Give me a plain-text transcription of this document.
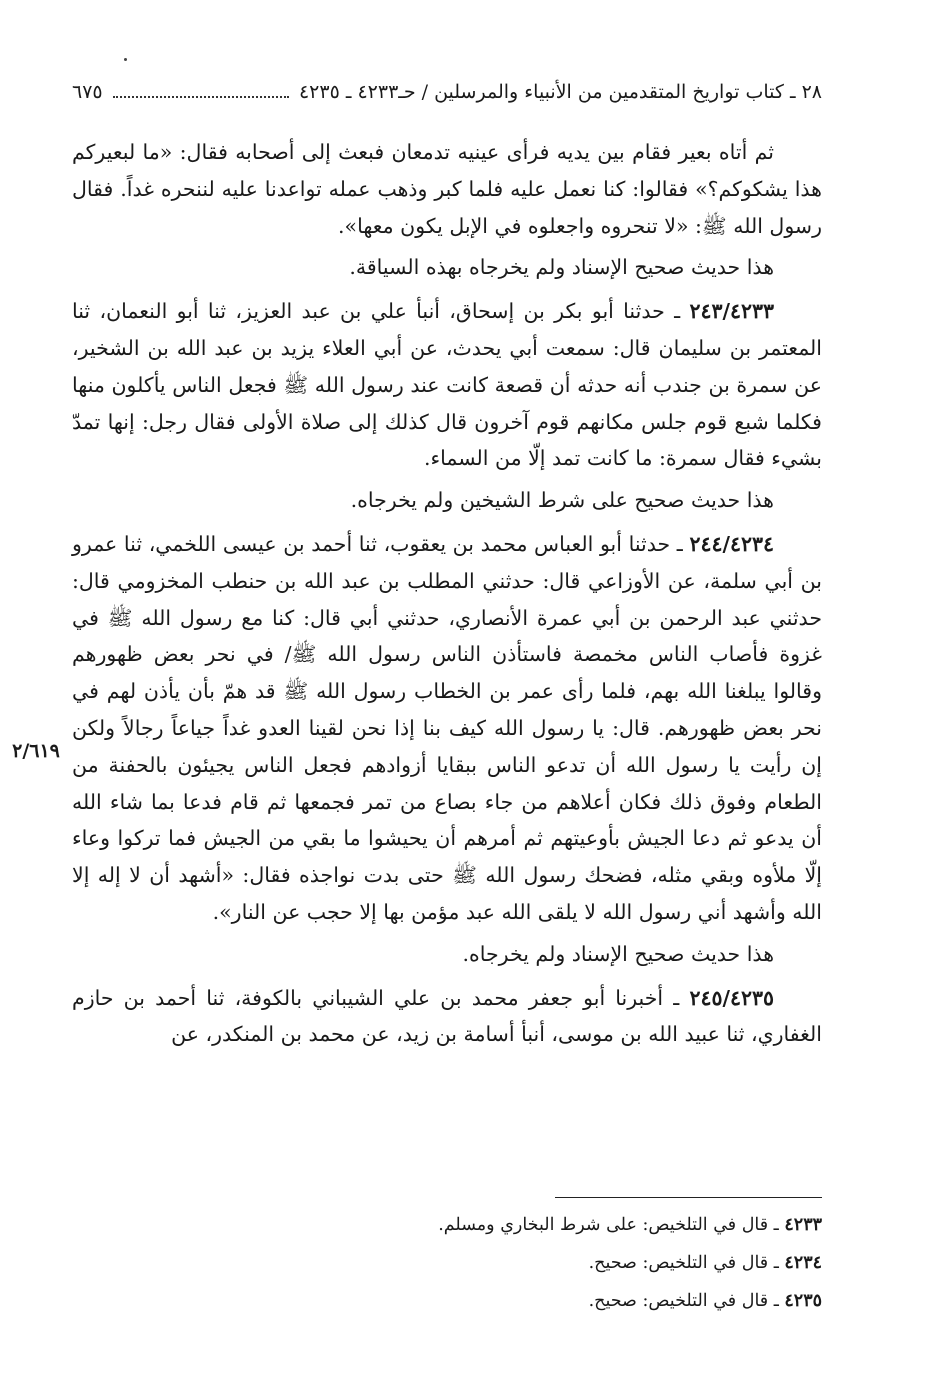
٢٨ ـ كتاب تواريخ المتقدمين من الأنبياء والمرسلين / حـ٤٢٣٣ ـ ٤٢٣٥
٦٧٥

ثم أتاه بعير فقام بين يديه فرأى عينيه تدمعان فبعث إلى أصحابه فقال: «ما لبعيركم هذا يشكوكم؟» فقالوا: كنا نعمل عليه فلما كبر وذهب عمله تواعدنا عليه لننحره غداً. فقال رسول الله ﷺ: «لا تنحروه واجعلوه في الإبل يكون معها».

هذا حديث صحيح الإسناد ولم يخرجاه بهذه السياقة.

٢٤٣/٤٢٣٣ ـ حدثنا أبو بكر بن إسحاق، أنبأ علي بن عبد العزيز، ثنا أبو النعمان، ثنا المعتمر بن سليمان قال: سمعت أبي يحدث، عن أبي العلاء يزيد بن عبد الله بن الشخير، عن سمرة بن جندب أنه حدثه أن قصعة كانت عند رسول الله ﷺ فجعل الناس يأكلون منها فكلما شبع قوم جلس مكانهم قوم آخرون قال كذلك إلى صلاة الأولى فقال رجل: إنها تمدّ بشيء فقال سمرة: ما كانت تمد إلّا من السماء.

هذا حديث صحيح على شرط الشيخين ولم يخرجاه.

٢٤٤/٤٢٣٤ ـ حدثنا أبو العباس محمد بن يعقوب، ثنا أحمد بن عيسى اللخمي، ثنا عمرو بن أبي سلمة، عن الأوزاعي قال: حدثني المطلب بن عبد الله بن حنطب المخزومي قال: حدثني عبد الرحمن بن أبي عمرة الأنصاري، حدثني أبي قال: كنا مع رسول الله ﷺ في غزوة فأصاب الناس مخمصة فاستأذن الناس رسول الله ﷺ/ في نحر بعض ظهورهم وقالوا يبلغنا الله بهم، فلما رأى عمر بن الخطاب رسول الله ﷺ قد همّ بأن يأذن لهم في نحر بعض ظهورهم. قال: يا رسول الله كيف بنا إذا نحن لقينا العدو غداً جياعاً رجالاً ولكن إن رأيت يا رسول الله أن تدعو الناس ببقايا أزوادهم فجعل الناس يجيئون بالحفنة من الطعام وفوق ذلك فكان أعلاهم من جاء بصاع من تمر فجمعها ثم قام فدعا بما شاء الله أن يدعو ثم دعا الجيش بأوعيتهم ثم أمرهم أن يحيشوا ما بقي من الجيش فما تركوا وعاء إلّا ملأوه وبقي مثله، فضحك رسول الله ﷺ حتى بدت نواجذه فقال: «أشهد أن لا إله إلا الله وأشهد أني رسول الله لا يلقى الله عبد مؤمن بها إلا حجب عن النار».

هذا حديث صحيح الإسناد ولم يخرجاه.

٢٤٥/٤٢٣٥ ـ أخبرنا أبو جعفر محمد بن علي الشيباني بالكوفة، ثنا أحمد بن حازم الغفاري، ثنا عبيد الله بن موسى، أنبأ أسامة بن زيد، عن محمد بن المنكدر، عن

٢/٦١٩
٤٢٣٣ ـ قال في التلخيص: على شرط البخاري ومسلم.
٤٢٣٤ ـ قال في التلخيص: صحيح.
٤٢٣٥ ـ قال في التلخيص: صحيح.
